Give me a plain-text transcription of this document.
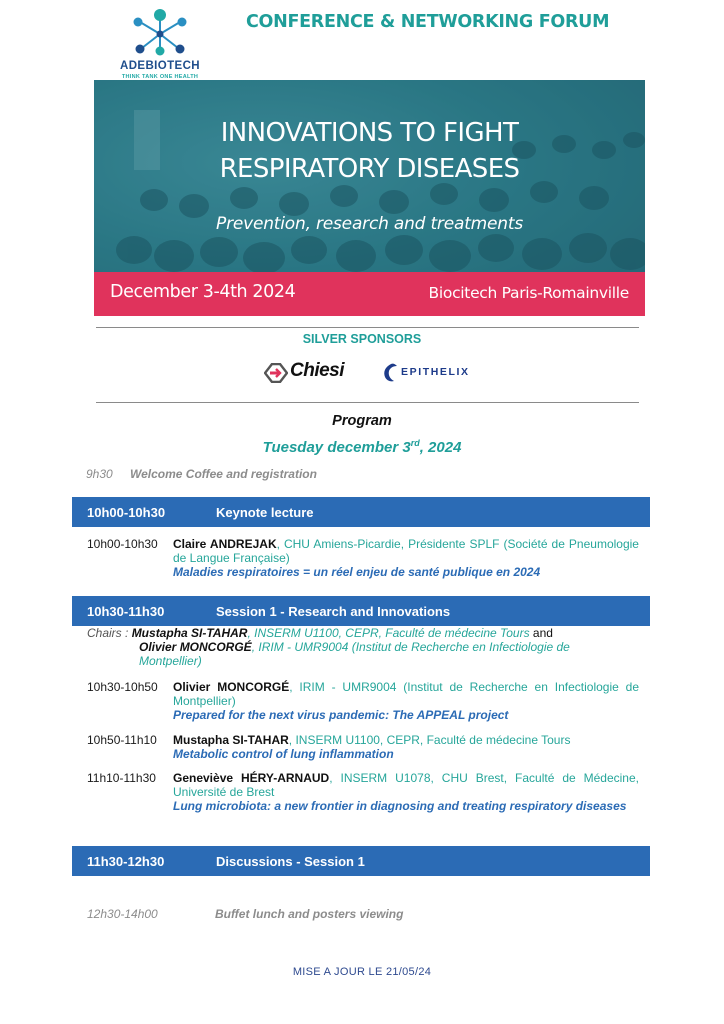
ADEBIOTECH
THINK TANK ONE HEALTH
CONFERENCE & NETWORKING FORUM
INNOVATIONS TO FIGHT
RESPIRATORY DISEASES
Prevention, research and treatments
December 3-4th 2024	Biocitech Paris-Romainville
SILVER SPONSORS
Chiesi	EPITHELIX
Program
Tuesday december 3rd, 2024
9h30 Welcome Coffee and registration
10h00-10h30	Keynote lecture
10h00-10h30 Claire ANDREJAK, CHU Amiens-Picardie, Présidente SPLF (Société de Pneumologie de Langue Française)
Maladies respiratoires = un réel enjeu de santé publique en 2024
10h30-11h30	Session 1 - Research and Innovations
Chairs : Mustapha SI-TAHAR, INSERM U1100, CEPR, Faculté de médecine Tours and
Olivier MONCORGÉ, IRIM - UMR9004 (Institut de Recherche en Infectiologie de Montpellier)
10h30-10h50 Olivier MONCORGÉ, IRIM - UMR9004 (Institut de Recherche en Infectiologie de Montpellier)
Prepared for the next virus pandemic: The APPEAL project
10h50-11h10 Mustapha SI-TAHAR, INSERM U1100, CEPR, Faculté de médecine Tours
Metabolic control of lung inflammation
11h10-11h30 Geneviève HÉRY-ARNAUD, INSERM U1078, CHU Brest, Faculté de Médecine, Université de Brest
Lung microbiota: a new frontier in diagnosing and treating respiratory diseases
11h30-12h30	Discussions - Session 1
12h30-14h00	Buffet lunch and posters viewing
MISE A JOUR LE 21/05/24
